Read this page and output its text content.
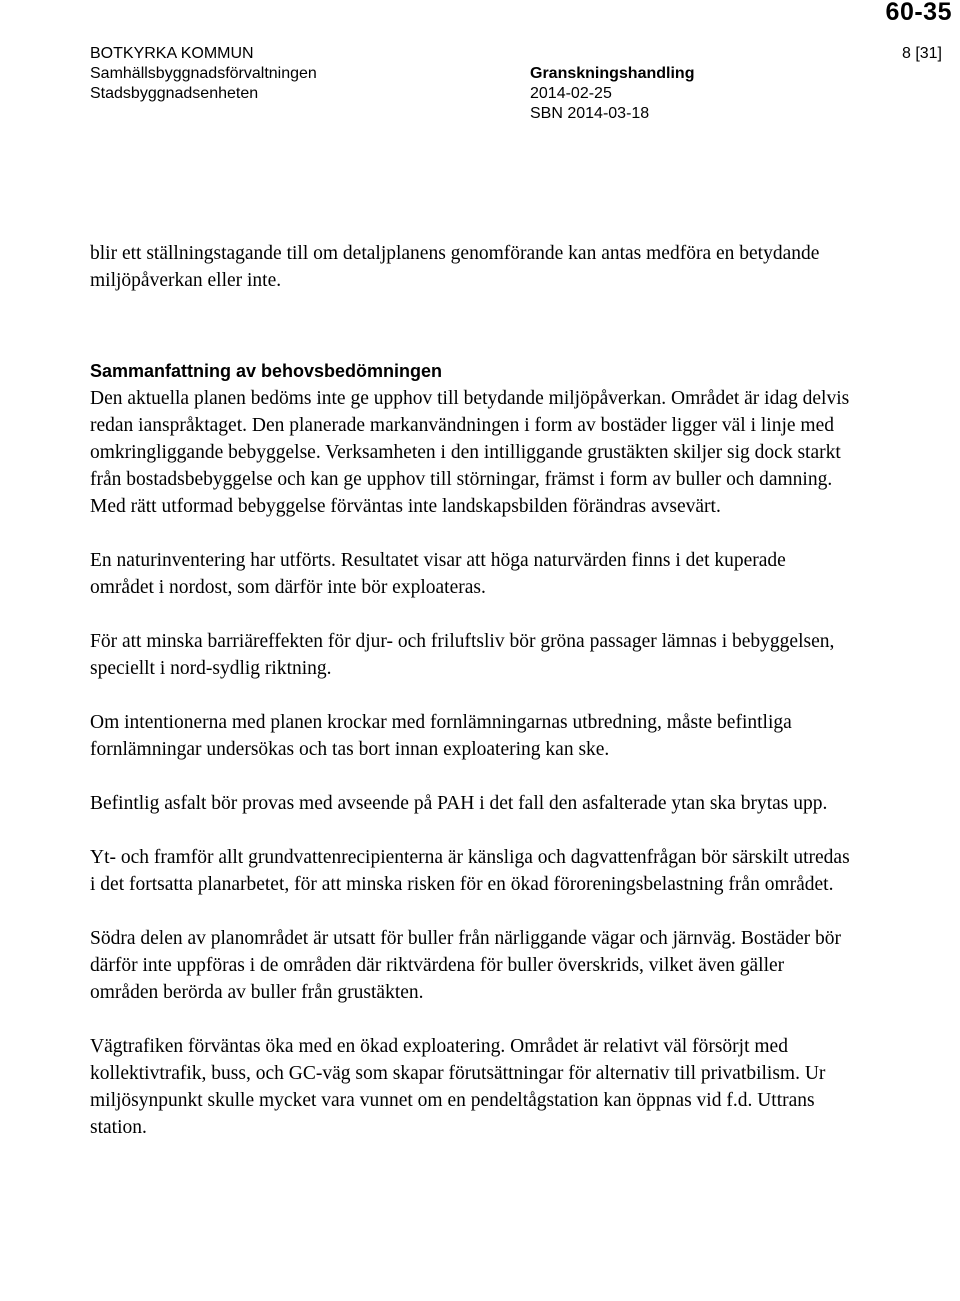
60-35
BOTKYRKA KOMMUN
Samhällsbyggnadsförvaltningen
Stadsbyggnadsenheten
Granskningshandling
2014-02-25
SBN 2014-03-18
8 [31]

blir ett ställningstagande till om detaljplanens genomförande kan antas medföra en betydande miljöpåverkan eller inte.

Sammanfattning av behovsbedömningen

Den aktuella planen bedöms inte ge upphov till betydande miljöpåverkan. Området är idag delvis redan ianspråktaget. Den planerade markanvändningen i form av bostäder ligger väl i linje med omkringliggande bebyggelse. Verksamheten i den intilliggande grustäkten skiljer sig dock starkt från bostadsbebyggelse och kan ge upphov till störningar, främst i form av buller och damning. Med rätt utformad bebyggelse förväntas inte landskapsbilden förändras avsevärt.

En naturinventering har utförts. Resultatet visar att höga naturvärden finns i det kuperade området i nordost, som därför inte bör exploateras.

För att minska barriäreffekten för djur- och friluftsliv bör gröna passager lämnas i bebyggelsen, speciellt i nord-sydlig riktning.

Om intentionerna med planen krockar med fornlämningarnas utbredning, måste befintliga fornlämningar undersökas och tas bort innan exploatering kan ske.

Befintlig asfalt bör provas med avseende på PAH i det fall den asfalterade ytan ska brytas upp.

Yt- och framför allt grundvattenrecipienterna är känsliga och dagvattenfrågan bör särskilt utredas i det fortsatta planarbetet, för att minska risken för en ökad föroreningsbelastning från området.

Södra delen av planområdet är utsatt för buller från närliggande vägar och järnväg. Bostäder bör därför inte uppföras i de områden där riktvärdena för buller överskrids, vilket även gäller områden berörda av buller från grustäkten.

Vägtrafiken förväntas öka med en ökad exploatering. Området är relativt väl försörjt med kollektivtrafik, buss, och GC-väg som skapar förutsättningar för alternativ till privatbilism. Ur miljösynpunkt skulle mycket vara vunnet om en pendeltågstation kan öppnas vid f.d. Uttrans station.
